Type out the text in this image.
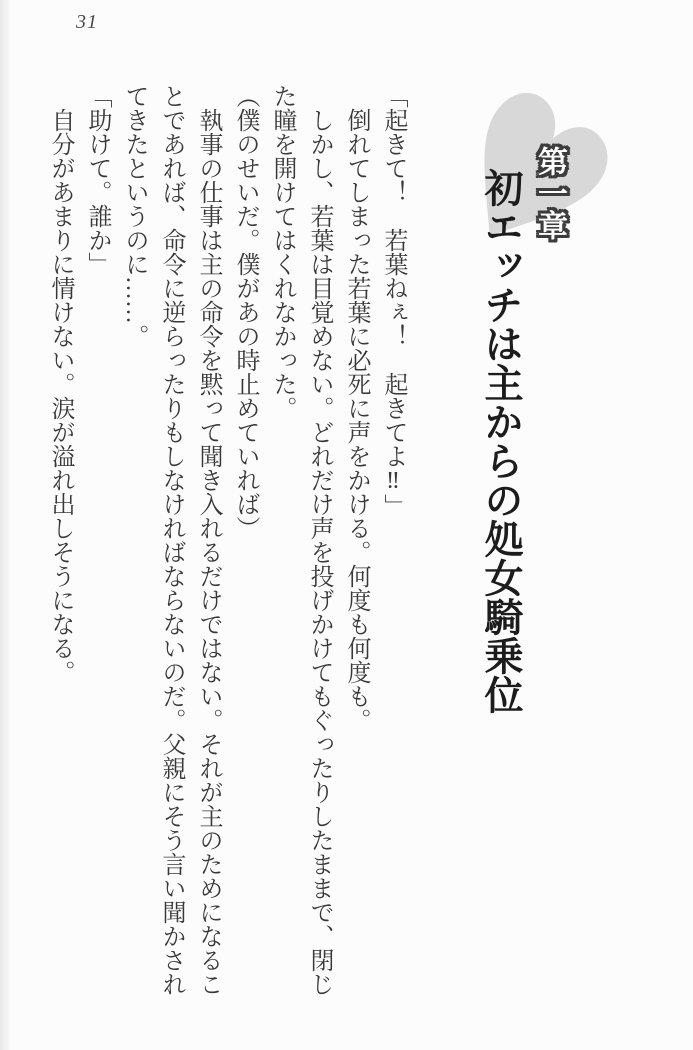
31
第一章
初エッチは主からの処女騎乗位
「起きて！　若葉ねぇ！　起きてよ‼」
倒れてしまった若葉に必死に声をかける。何度も何度も。
しかし、若葉は目覚めない。どれだけ声を投げかけてもぐったりしたままで、閉じ
た瞳を開けてはくれなかった。
（僕のせいだ。僕があの時止めていれば）
執事の仕事は主の命令を黙って聞き入れるだけではない。それが主のためになるこ
とであれば、命令に逆らったりもしなければならないのだ。父親にそう言い聞かされ
てきたというのに……。
「助けて。誰か」
自分があまりに情けない。涙が溢れ出しそうになる。
